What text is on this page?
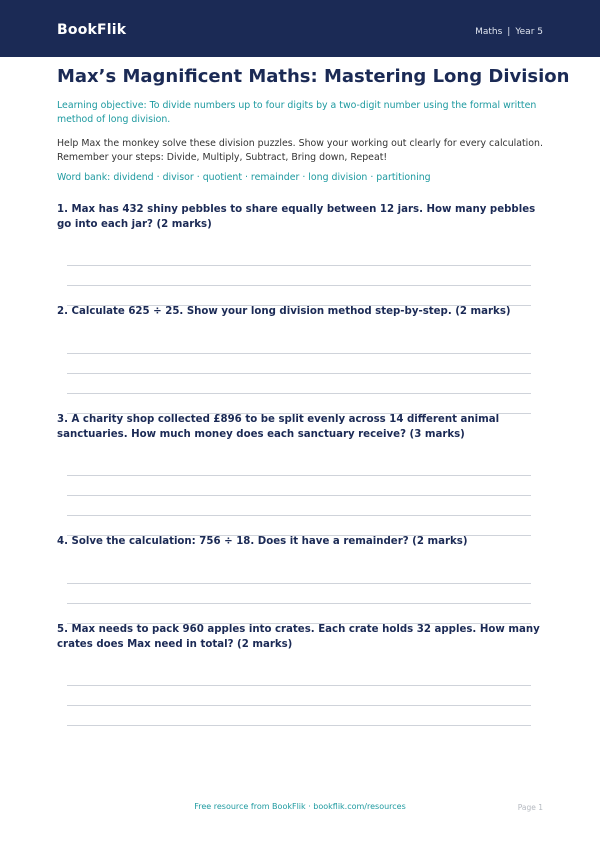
BookFlik	Maths | Year 5
Max’s Magnificent Maths: Mastering Long Division

Learning objective: To divide numbers up to four digits by a two-digit number using the formal written method of long division.

Help Max the monkey solve these division puzzles. Show your working out clearly for every calculation. Remember your steps: Divide, Multiply, Subtract, Bring down, Repeat!

Word bank: dividend · divisor · quotient · remainder · long division · partitioning

1. Max has 432 shiny pebbles to share equally between 12 jars. How many pebbles go into each jar? (2 marks)

2. Calculate 625 ÷ 25. Show your long division method step-by-step. (2 marks)

3. A charity shop collected £896 to be split evenly across 14 different animal sanctuaries. How much money does each sanctuary receive? (3 marks)

4. Solve the calculation: 756 ÷ 18. Does it have a remainder? (2 marks)

5. Max needs to pack 960 apples into crates. Each crate holds 32 apples. How many crates does Max need in total? (2 marks)

Free resource from BookFlik · bookflik.com/resources	Page 1
